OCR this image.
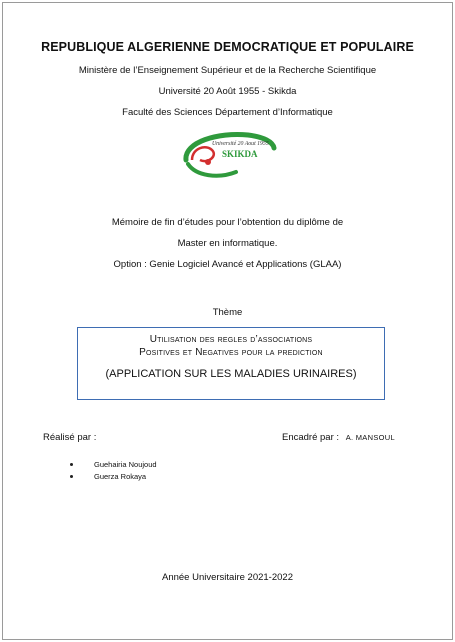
REPUBLIQUE ALGERIENNE DEMOCRATIQUE ET POPULAIRE
Ministère de l’Enseignement Supérieur et de la Recherche Scientifique
Université 20 Août 1955 - Skikda
Faculté des Sciences Département d’Informatique
Université 20 Aout 1955
SKIKDA
Mémoire de fin d’études pour l’obtention du diplôme de
Master en informatique.
Option : Genie Logiciel Avancé et Applications (GLAA)
Thème
Utilisation des regles d’associations
Positives et Negatives pour la prediction
(APPLICATION SUR LES MALADIES URINAIRES)
Réalisé par :	Encadré par : A. MANSOUL
Guehairia Noujoud
Guerza Rokaya
Année Universitaire 2021-2022
